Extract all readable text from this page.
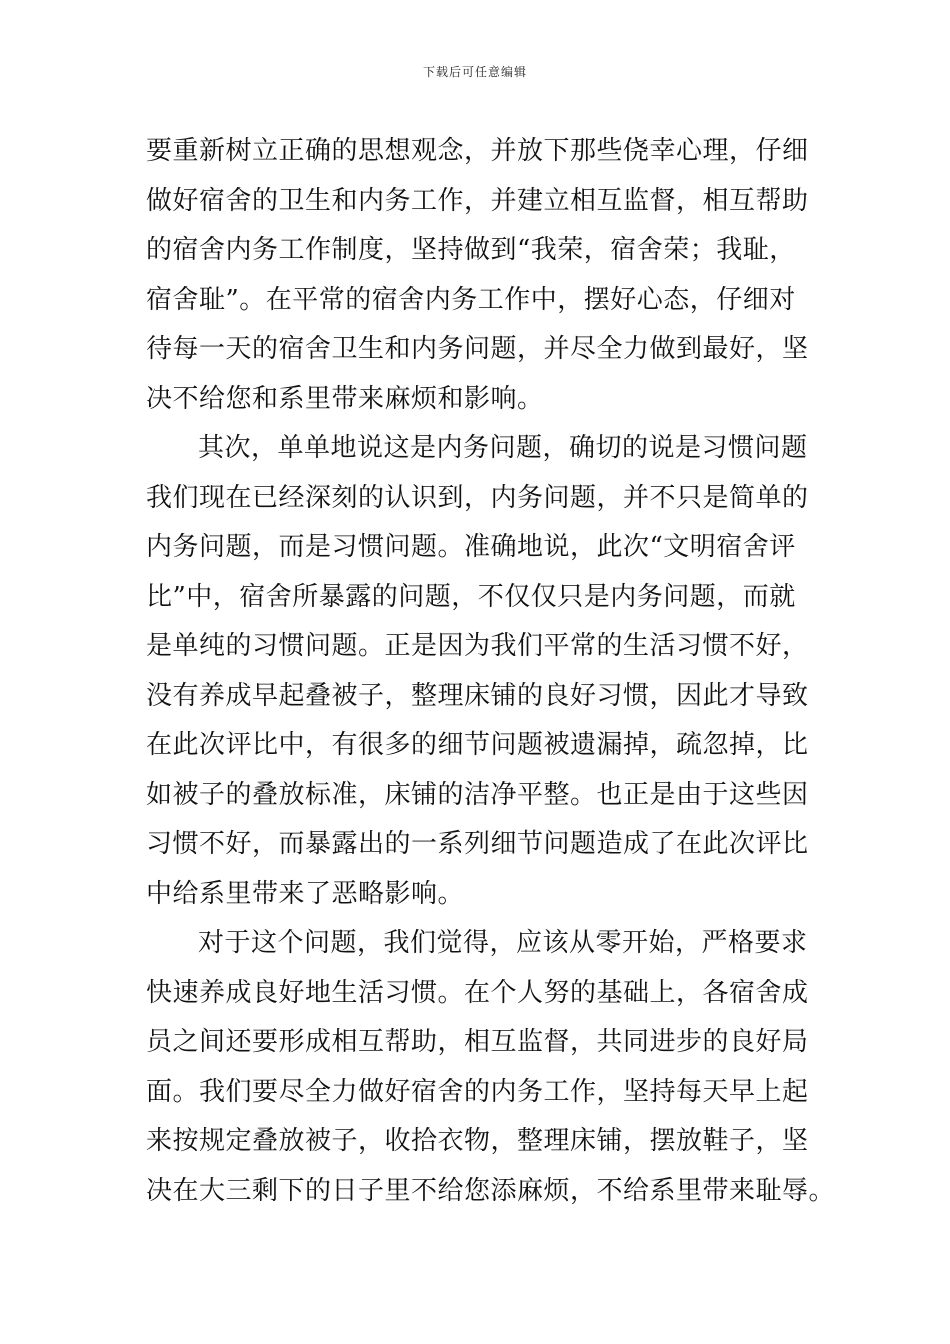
下载后可任意编辑
要重新树立正确的思想观念，并放下那些侥幸心理，仔细
做好宿舍的卫生和内务工作，并建立相互监督，相互帮助
的宿舍内务工作制度，坚持做到“我荣，宿舍荣；我耻，
宿舍耻”。在平常的宿舍内务工作中，摆好心态，仔细对
待每一天的宿舍卫生和内务问题，并尽全力做到最好，坚
决不给您和系里带来麻烦和影响。
其次，单单地说这是内务问题，确切的说是习惯问题
我们现在已经深刻的认识到，内务问题，并不只是简单的
内务问题，而是习惯问题。准确地说，此次“文明宿舍评
比”中，宿舍所暴露的问题，不仅仅只是内务问题，而就
是单纯的习惯问题。正是因为我们平常的生活习惯不好，
没有养成早起叠被子，整理床铺的良好习惯，因此才导致
在此次评比中，有很多的细节问题被遗漏掉，疏忽掉，比
如被子的叠放标准，床铺的洁净平整。也正是由于这些因
习惯不好，而暴露出的一系列细节问题造成了在此次评比
中给系里带来了恶略影响。
对于这个问题，我们觉得，应该从零开始，严格要求
快速养成良好地生活习惯。在个人努的基础上，各宿舍成
员之间还要形成相互帮助，相互监督，共同进步的良好局
面。我们要尽全力做好宿舍的内务工作，坚持每天早上起
来按规定叠放被子，收拾衣物，整理床铺，摆放鞋子，坚
决在大三剩下的日子里不给您添麻烦，不给系里带来耻辱。
